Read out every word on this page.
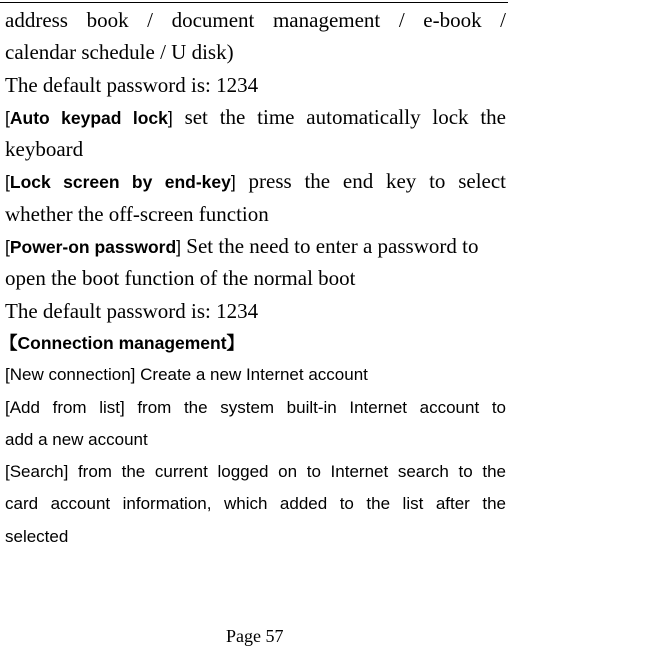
address book / document management / e-book /
calendar schedule / U disk)
The default password is: 1234
[Auto keypad lock] set the time automatically lock the
keyboard
[Lock screen by end-key] press the end key to select
whether the off-screen function
[Power-on password] Set the need to enter a password to
open the boot function of the normal boot
The default password is: 1234
【Connection management】
[New connection] Create a new Internet account
[Add from list] from the system built-in Internet account to
add a new account
[Search] from the current logged on to Internet search to the
card account information, which added to the list after the
selected
Page 57
